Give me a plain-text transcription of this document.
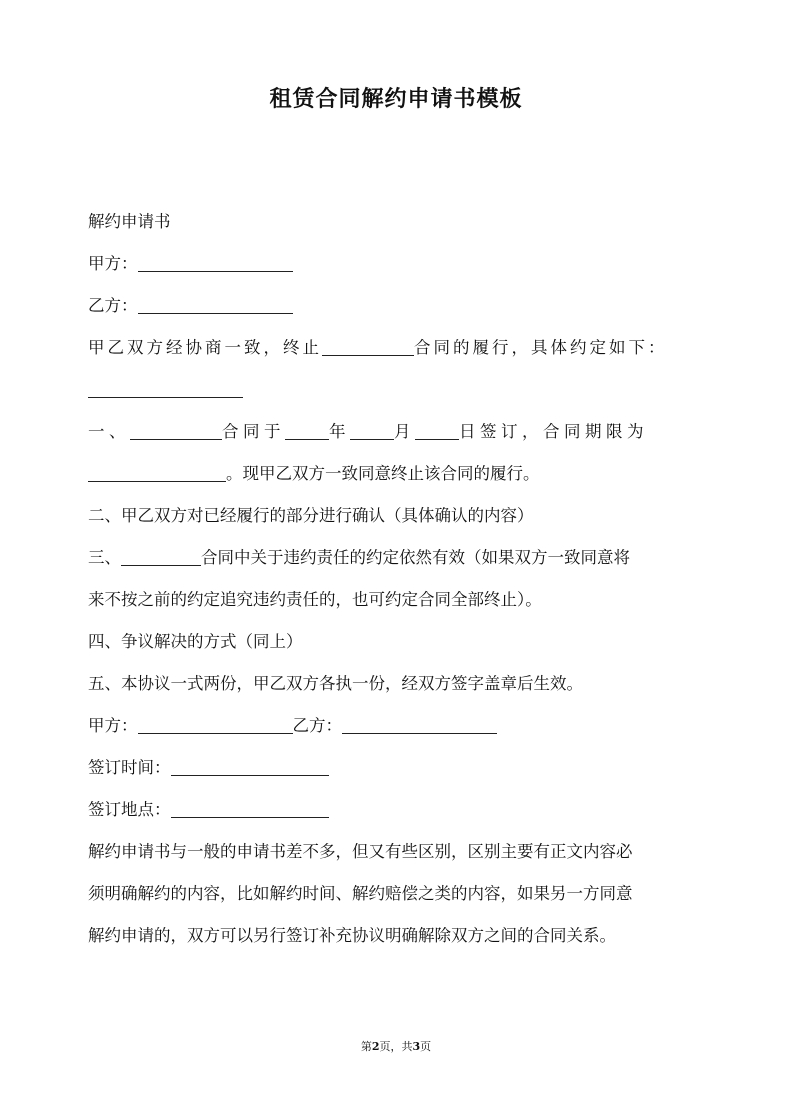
租赁合同解约申请书模板
解约申请书
甲方：
乙方：
甲乙双方经协商一致，终止	合同的履行，具体约定如下：
一、	合同于	年	月	日签订，合同期限为
。现甲乙双方一致同意终止该合同的履行。
二、甲乙双方对已经履行的部分进行确认（具体确认的内容）
三、	合同中关于违约责任的约定依然有效（如果双方一致同意将
来不按之前的约定追究违约责任的，也可约定合同全部终止）。
四、争议解决的方式（同上）
五、本协议一式两份，甲乙双方各执一份，经双方签字盖章后生效。
甲方：	乙方：
签订时间：
签订地点：
解约申请书与一般的申请书差不多，但又有些区别，区别主要有正文内容必
须明确解约的内容，比如解约时间、解约赔偿之类的内容，如果另一方同意
解约申请的，双方可以另行签订补充协议明确解除双方之间的合同关系。
第2页，共3页
